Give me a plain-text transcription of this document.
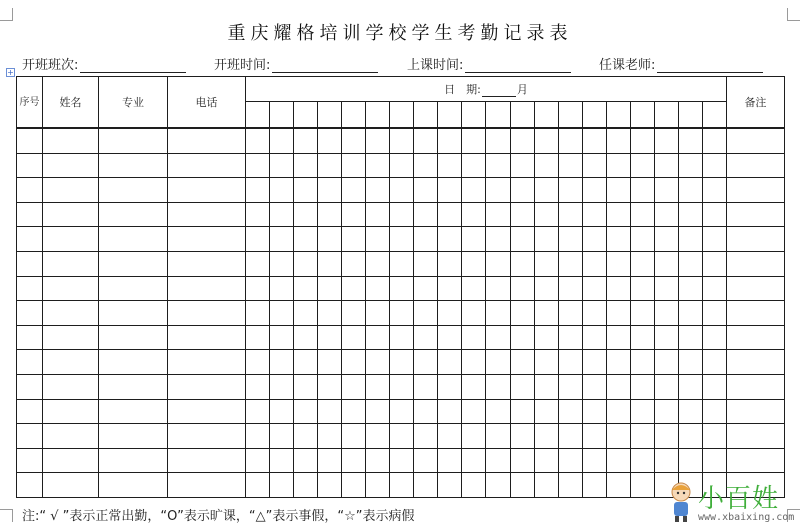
重庆耀格培训学校学生考勤记录表
开班班次:	开班时间:	上课时间:	任课老师:
+
序号	姓名	专业	电话	日　期: 月																				备注

注:“ √ ”表示正常出勤，“O”表示旷课，“△”表示事假，“☆”表示病假
小百姓
www.xbaixing.com
